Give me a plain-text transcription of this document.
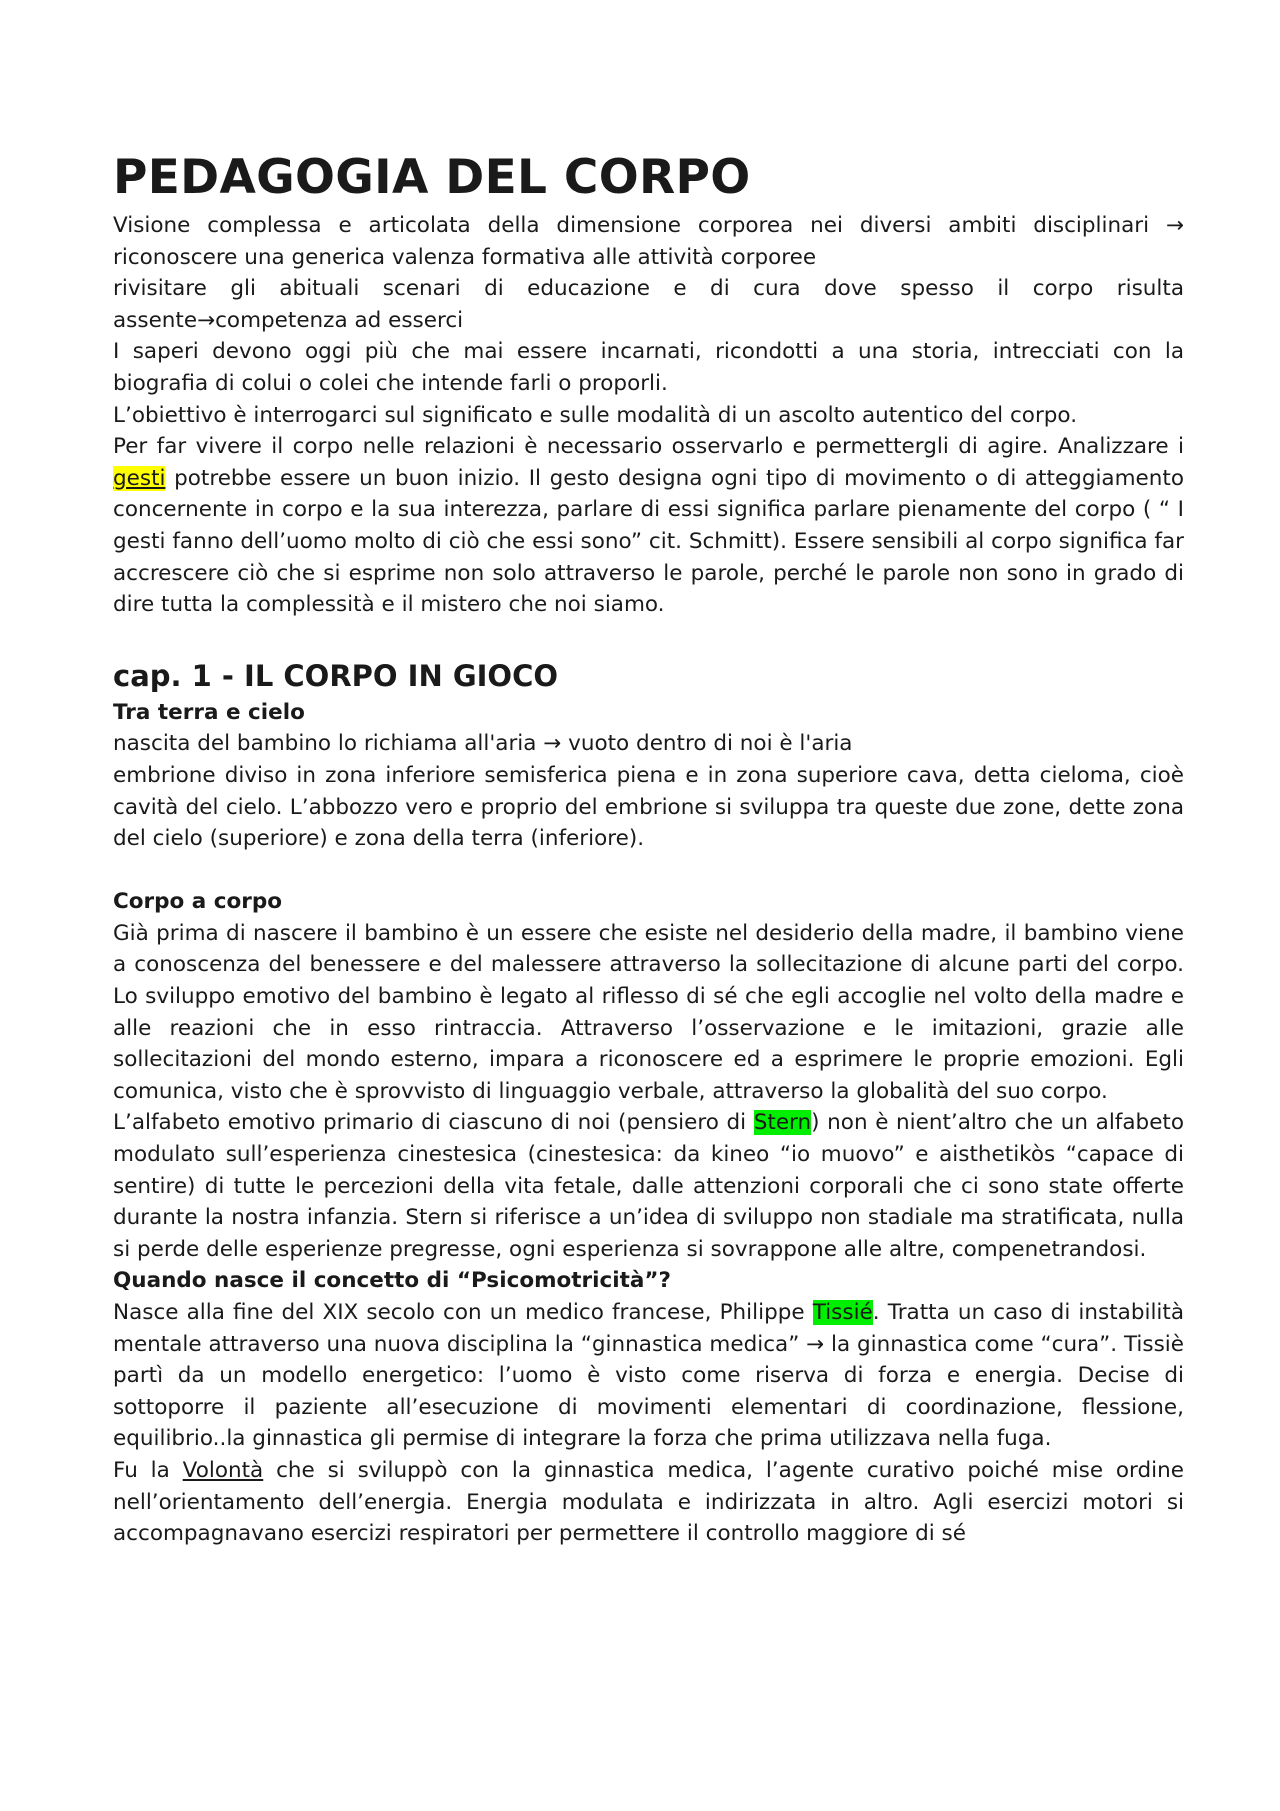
PEDAGOGIA DEL CORPO

Visione complessa e articolata della dimensione corporea nei diversi ambiti disciplinari → riconoscere una generica valenza formativa alle attività corporee

rivisitare gli abituali scenari di educazione e di cura dove spesso il corpo risulta assente→competenza ad esserci

I saperi devono oggi più che mai essere incarnati, ricondotti a una storia, intrecciati con la biografia di colui o colei che intende farli o proporli.

L’obiettivo è interrogarci sul significato e sulle modalità di un ascolto autentico del corpo.

Per far vivere il corpo nelle relazioni è necessario osservarlo e permettergli di agire. Analizzare i gesti potrebbe essere un buon inizio. Il gesto designa ogni tipo di movimento o di atteggiamento concernente in corpo e la sua interezza, parlare di essi significa parlare pienamente del corpo ( “ I gesti fanno dell’uomo molto di ciò che essi sono” cit. Schmitt). Essere sensibili al corpo significa far accrescere ciò che si esprime non solo attraverso le parole, perché le parole non sono in grado di dire tutta la complessità e il mistero che noi siamo.

cap. 1 - IL CORPO IN GIOCO
Tra terra e cielo

nascita del bambino lo richiama all'aria → vuoto dentro di noi è l'aria

embrione diviso in zona inferiore semisferica piena e in zona superiore cava, detta cieloma, cioè cavità del cielo. L’abbozzo vero e proprio del embrione si sviluppa tra queste due zone, dette zona del cielo (superiore) e zona della terra (inferiore).

Corpo a corpo

Già prima di nascere il bambino è un essere che esiste nel desiderio della madre, il bambino viene a conoscenza del benessere e del malessere attraverso la sollecitazione di alcune parti del corpo. Lo sviluppo emotivo del bambino è legato al riflesso di sé che egli accoglie nel volto della madre e alle reazioni che in esso rintraccia. Attraverso l’osservazione e le imitazioni, grazie alle sollecitazioni del mondo esterno, impara a riconoscere ed a esprimere le proprie emozioni. Egli comunica, visto che è sprovvisto di linguaggio verbale, attraverso la globalità del suo corpo.

L’alfabeto emotivo primario di ciascuno di noi (pensiero di Stern) non è nient’altro che un alfabeto modulato sull’esperienza cinestesica (cinestesica: da kineo “io muovo” e aisthetikòs “capace di sentire) di tutte le percezioni della vita fetale, dalle attenzioni corporali che ci sono state offerte durante la nostra infanzia. Stern si riferisce a un’idea di sviluppo non stadiale ma stratificata, nulla si perde delle esperienze pregresse, ogni esperienza si sovrappone alle altre, compenetrandosi.

Quando nasce il concetto di “Psicomotricità”?

Nasce alla fine del XIX secolo con un medico francese, Philippe Tissié. Tratta un caso di instabilità mentale attraverso una nuova disciplina la “ginnastica medica” → la ginnastica come “cura”. Tissiè partì da un modello energetico: l’uomo è visto come riserva di forza e energia. Decise di sottoporre il paziente all’esecuzione di movimenti elementari di coordinazione, flessione, equilibrio..la ginnastica gli permise di integrare la forza che prima utilizzava nella fuga.

Fu la Volontà che si sviluppò con la ginnastica medica, l’agente curativo poiché mise ordine nell’orientamento dell’energia. Energia modulata e indirizzata in altro. Agli esercizi motori si accompagnavano esercizi respiratori per permettere il controllo maggiore di sé
